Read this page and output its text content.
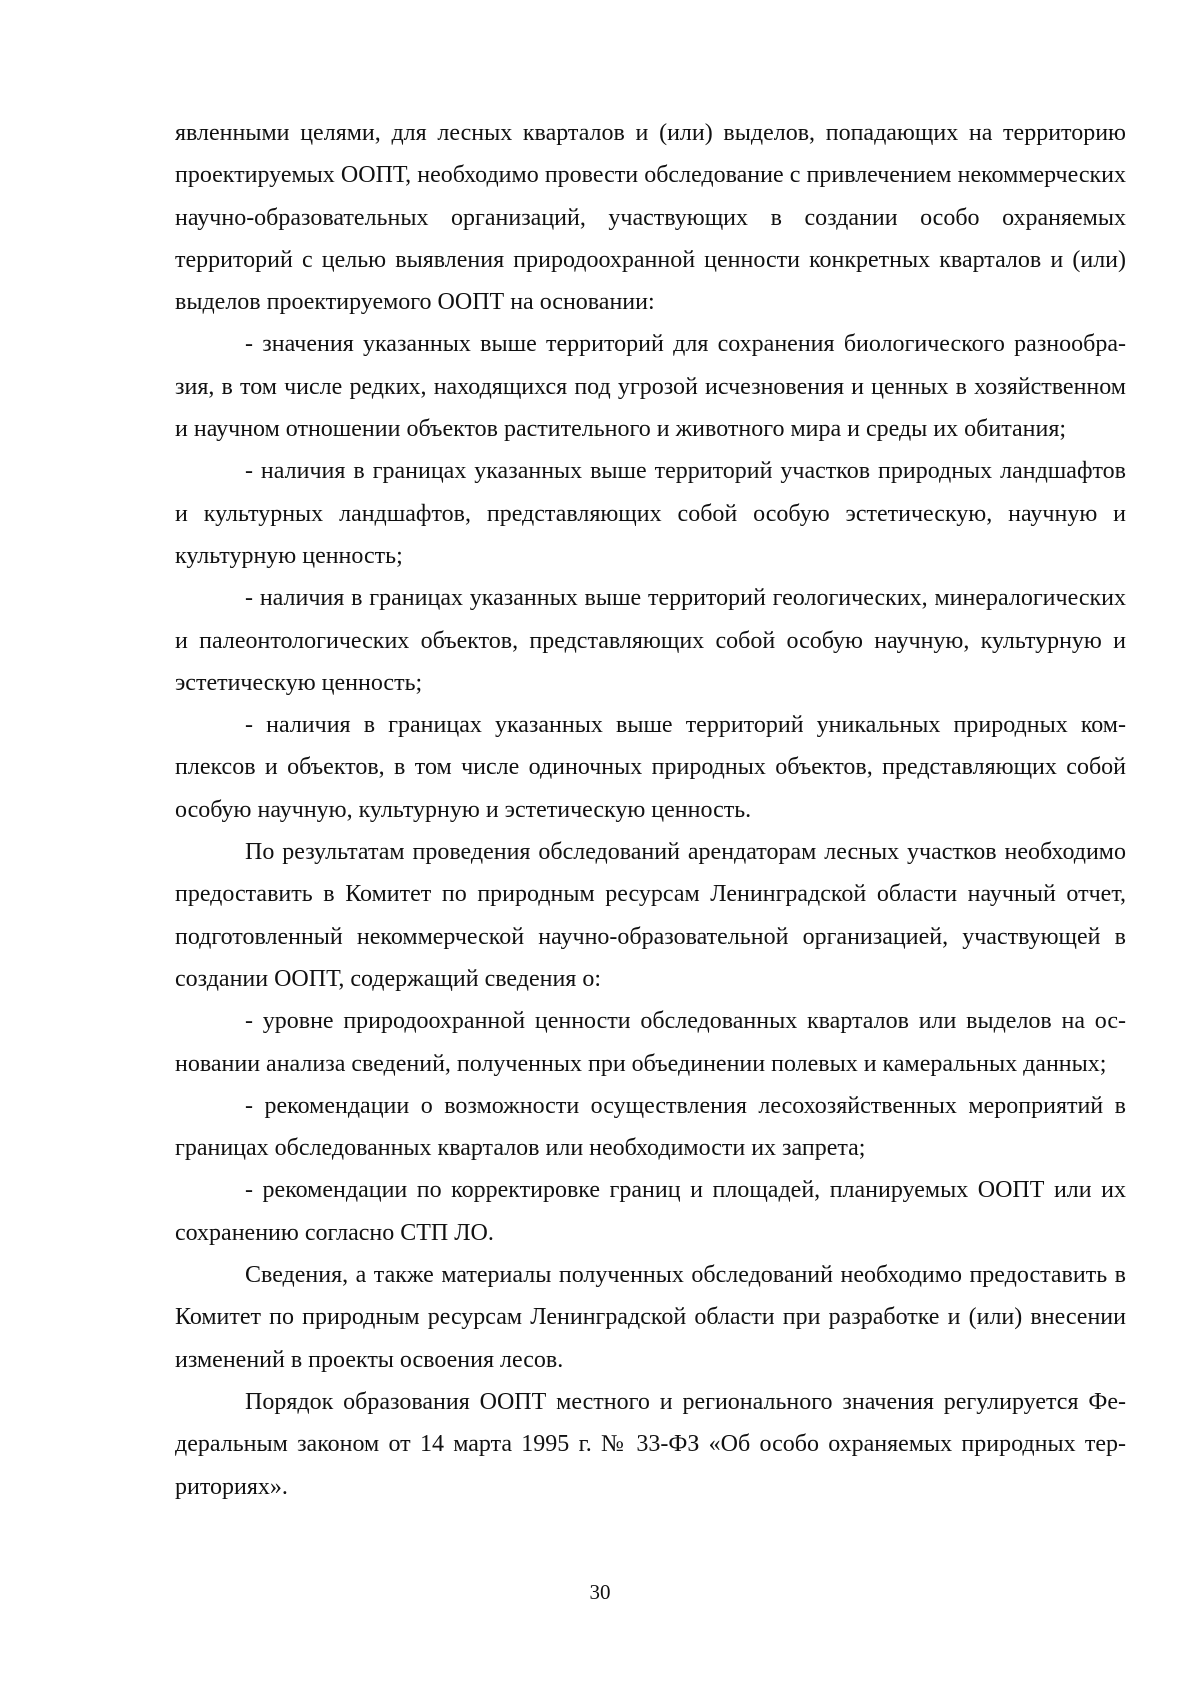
явленными целями, для лесных кварталов и (или) выделов, попадающих на территорию проектируемых ООПТ, необходимо провести обследование с привлечением некоммерческих научно-образовательных организаций, участвующих в создании особо охраняемых территорий с целью выявления природоохранной ценности конкретных кварталов и (или) выделов проектируемого ООПТ на основании:

- значения указанных выше территорий для сохранения биологического разнообразия, в том числе редких, находящихся под угрозой исчезновения и ценных в хозяйственном и научном отношении объектов растительного и животного мира и среды их обитания;

- наличия в границах указанных выше территорий участков природных ландшафтов и культурных ландшафтов, представляющих собой особую эстетическую, научную и культурную ценность;

- наличия в границах указанных выше территорий геологических, минералогических и палеонтологических объектов, представляющих собой особую научную, культурную и эстетическую ценность;

- наличия в границах указанных выше территорий уникальных природных комплексов и объектов, в том числе одиночных природных объектов, представляющих собой особую научную, культурную и эстетическую ценность.

По результатам проведения обследований арендаторам лесных участков необходимо предоставить в Комитет по природным ресурсам Ленинградской области научный отчет, подготовленный некоммерческой научно-образовательной организацией, участвующей в создании ООПТ, содержащий сведения о:

- уровне природоохранной ценности обследованных кварталов или выделов на основании анализа сведений, полученных при объединении полевых и камеральных данных;

- рекомендации о возможности осуществления лесохозяйственных мероприятий в границах обследованных кварталов или необходимости их запрета;

- рекомендации по корректировке границ и площадей, планируемых ООПТ или их сохранению согласно СТП ЛО.

Сведения, а также материалы полученных обследований необходимо предоставить в Комитет по природным ресурсам Ленинградской области при разработке и (или) внесении изменений в проекты освоения лесов.

Порядок образования ООПТ местного и регионального значения регулируется Федеральным законом от 14 марта 1995 г. № 33-ФЗ «Об особо охраняемых природных территориях».

30
